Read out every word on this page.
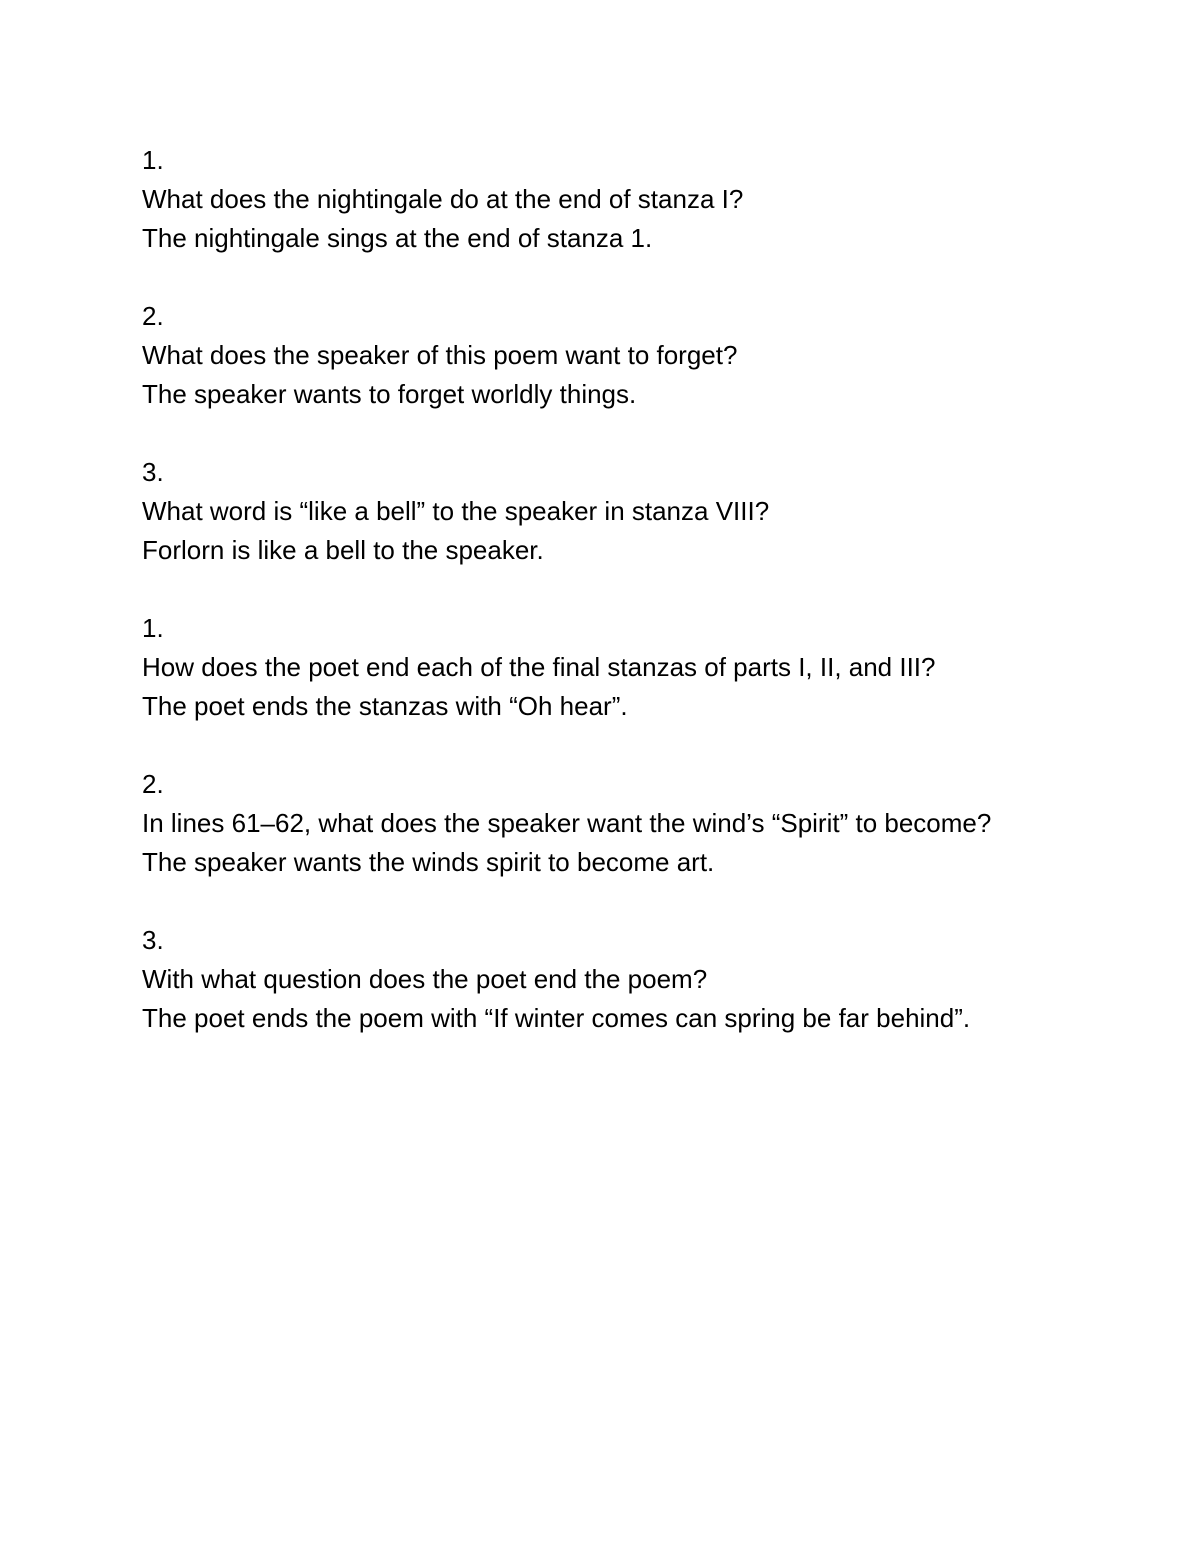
1.
What does the nightingale do at the end of stanza I?
The nightingale sings at the end of stanza 1.
2.
What does the speaker of this poem want to forget?
The speaker wants to forget worldly things.
3.
What word is “like a bell” to the speaker in stanza VIII?
Forlorn is like a bell to the speaker.
1.
How does the poet end each of the final stanzas of parts I, II, and III?
The poet ends the stanzas with “Oh hear”.
2.
In lines 61–62, what does the speaker want the wind’s “Spirit” to become?
The speaker wants the winds spirit to become art.
3.
With what question does the poet end the poem?
The poet ends the poem with “If winter comes can spring be far behind”.
